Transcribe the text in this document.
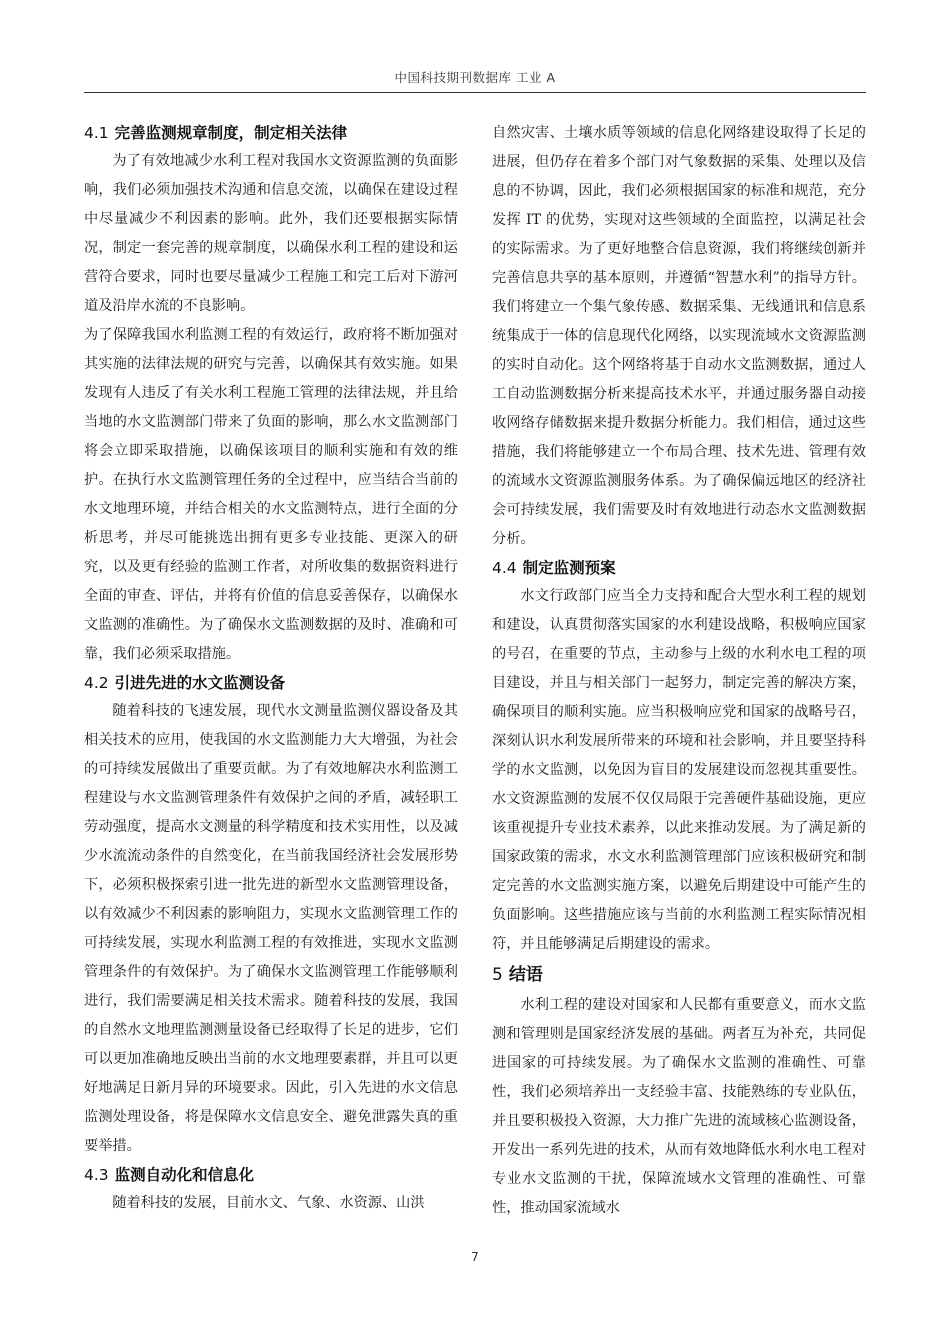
中国科技期刊数据库 工业 A
4.1 完善监测规章制度，制定相关法律

为了有效地减少水利工程对我国水文资源监测的负面影响，我们必须加强技术沟通和信息交流，以确保在建设过程中尽量减少不利因素的影响。此外，我们还要根据实际情况，制定一套完善的规章制度，以确保水利工程的建设和运营符合要求，同时也要尽量减少工程施工和完工后对下游河道及沿岸水流的不良影响。

为了保障我国水利监测工程的有效运行，政府将不断加强对其实施的法律法规的研究与完善，以确保其有效实施。如果发现有人违反了有关水利工程施工管理的法律法规，并且给当地的水文监测部门带来了负面的影响，那么水文监测部门将会立即采取措施，以确保该项目的顺利实施和有效的维护。在执行水文监测管理任务的全过程中，应当结合当前的水文地理环境，并结合相关的水文监测特点，进行全面的分析思考，并尽可能挑选出拥有更多专业技能、更深入的研究，以及更有经验的监测工作者，对所收集的数据资料进行全面的审查、评估，并将有价值的信息妥善保存，以确保水文监测的准确性。为了确保水文监测数据的及时、准确和可靠，我们必须采取措施。

4.2 引进先进的水文监测设备

随着科技的飞速发展，现代水文测量监测仪器设备及其相关技术的应用，使我国的水文监测能力大大增强，为社会的可持续发展做出了重要贡献。为了有效地解决水利监测工程建设与水文监测管理条件有效保护之间的矛盾，减轻职工劳动强度，提高水文测量的科学精度和技术实用性，以及减少水流流动条件的自然变化，在当前我国经济社会发展形势下，必须积极探索引进一批先进的新型水文监测管理设备，以有效减少不利因素的影响阻力，实现水文监测管理工作的可持续发展，实现水利监测工程的有效推进，实现水文监测管理条件的有效保护。为了确保水文监测管理工作能够顺利进行，我们需要满足相关技术需求。随着科技的发展，我国的自然水文地理监测测量设备已经取得了长足的进步，它们可以更加准确地反映出当前的水文地理要素群，并且可以更好地满足日新月异的环境要求。因此，引入先进的水文信息监测处理设备，将是保障水文信息安全、避免泄露失真的重要举措。

4.3 监测自动化和信息化

随着科技的发展，目前水文、气象、水资源、山洪

自然灾害、土壤水质等领域的信息化网络建设取得了长足的进展，但仍存在着多个部门对气象数据的采集、处理以及信息的不协调，因此，我们必须根据国家的标准和规范，充分发挥 IT 的优势，实现对这些领域的全面监控，以满足社会的实际需求。为了更好地整合信息资源，我们将继续创新并完善信息共享的基本原则，并遵循“智慧水利”的指导方针。我们将建立一个集气象传感、数据采集、无线通讯和信息系统集成于一体的信息现代化网络，以实现流域水文资源监测的实时自动化。这个网络将基于自动水文监测数据，通过人工自动监测数据分析来提高技术水平，并通过服务器自动接收网络存储数据来提升数据分析能力。我们相信，通过这些措施，我们将能够建立一个布局合理、技术先进、管理有效的流域水文资源监测服务体系。为了确保偏远地区的经济社会可持续发展，我们需要及时有效地进行动态水文监测数据分析。

4.4 制定监测预案

水文行政部门应当全力支持和配合大型水利工程的规划和建设，认真贯彻落实国家的水利建设战略，积极响应国家的号召，在重要的节点，主动参与上级的水利水电工程的项目建设，并且与相关部门一起努力，制定完善的解决方案，确保项目的顺利实施。应当积极响应党和国家的战略号召，深刻认识水利发展所带来的环境和社会影响，并且要坚持科学的水文监测，以免因为盲目的发展建设而忽视其重要性。水文资源监测的发展不仅仅局限于完善硬件基础设施，更应该重视提升专业技术素养，以此来推动发展。为了满足新的国家政策的需求，水文水利监测管理部门应该积极研究和制定完善的水文监测实施方案，以避免后期建设中可能产生的负面影响。这些措施应该与当前的水利监测工程实际情况相符，并且能够满足后期建设的需求。

5 结语

水利工程的建设对国家和人民都有重要意义，而水文监测和管理则是国家经济发展的基础。两者互为补充，共同促进国家的可持续发展。为了确保水文监测的准确性、可靠性，我们必须培养出一支经验丰富、技能熟练的专业队伍，并且要积极投入资源，大力推广先进的流域核心监测设备，开发出一系列先进的技术，从而有效地降低水利水电工程对专业水文监测的干扰，保障流域水文管理的准确性、可靠性，推动国家流域水

7
